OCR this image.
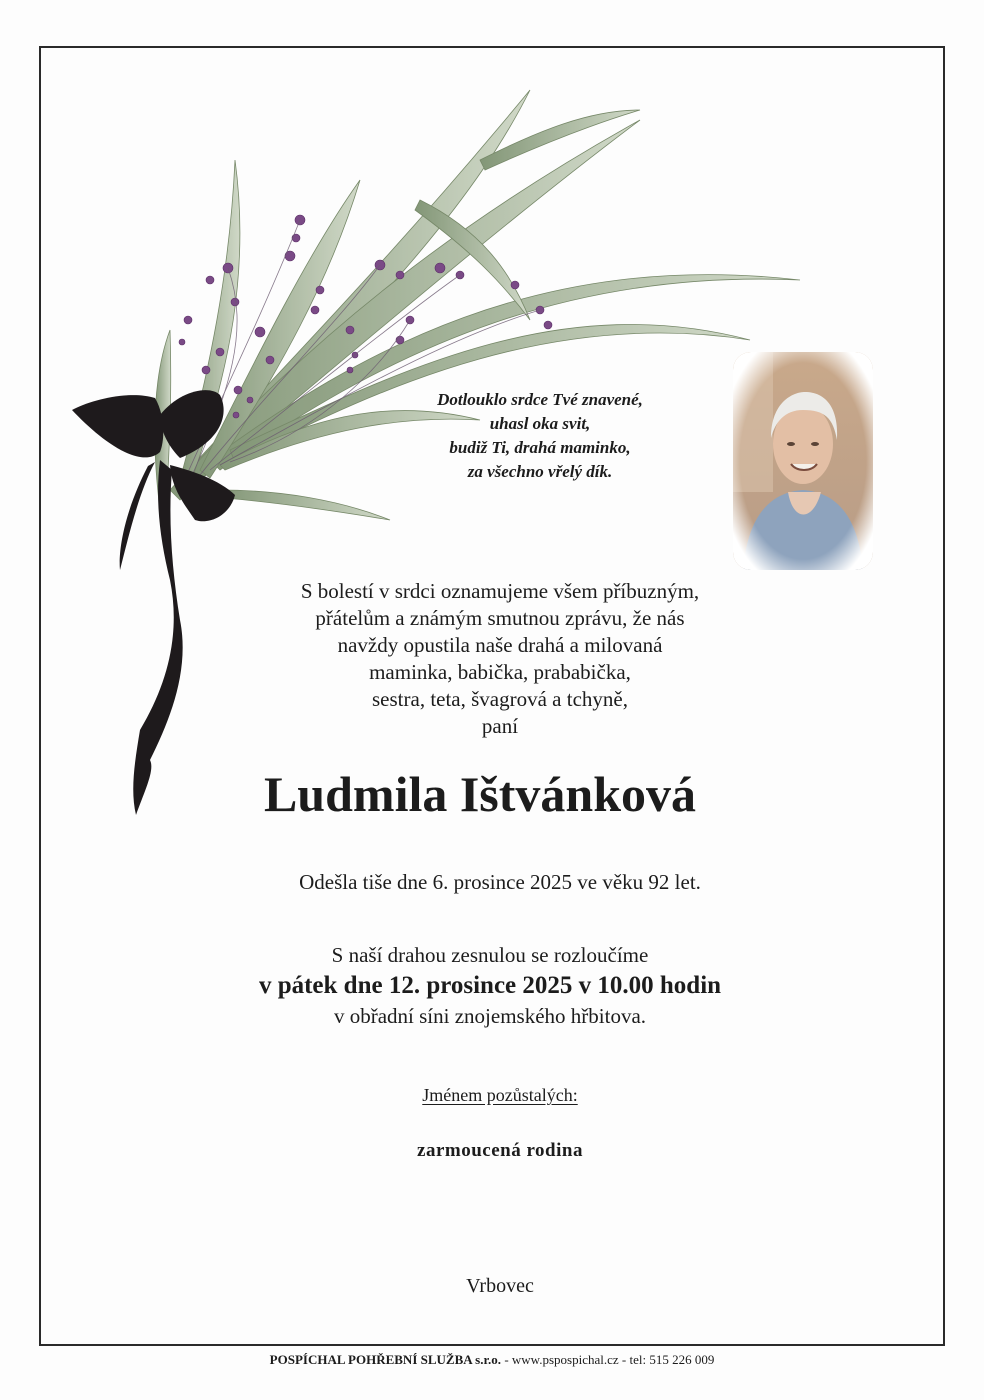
Dotlouklo srdce Tvé znavené,
uhasl oka svit,
budiž Ti, drahá maminko,
za všechno vřelý dík.
S bolestí v srdci oznamujeme všem příbuzným,
přátelům a známým smutnou zprávu, že nás
navždy opustila naše drahá a milovaná
maminka, babička, prababička,
sestra, teta, švagrová a tchyně,
paní
Ludmila Ištvánková
Odešla tiše dne 6. prosince 2025 ve věku 92 let.
S naší drahou zesnulou se rozloučíme
v pátek dne 12. prosince 2025 v 10.00 hodin
v obřadní síni znojemského hřbitova.
Jménem pozůstalých:
zarmoucená rodina
Vrbovec
POSPÍCHAL POHŘEBNÍ SLUŽBA s.r.o. - www.pspospichal.cz - tel: 515 226 009
